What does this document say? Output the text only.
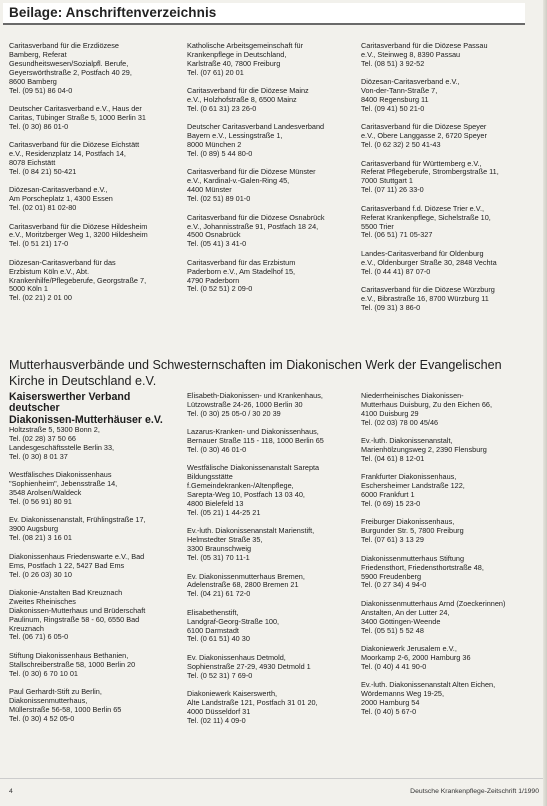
Beilage: Anschriftenverzeichnis
Caritasverband für die Erzdiözese
Bamberg, Referat
Gesundheitswesen/Sozialpfl. Berufe,
Geyerswörthstraße 2, Postfach 40 29,
8600 Bamberg
Tel. (09 51) 86 04-0
Deutscher Caritasverband e.V., Haus der
Caritas, Tübinger Straße 5, 1000 Berlin 31
Tel. (0 30) 86 01-0
Caritasverband für die Diözese Eichstätt
e.V., Residenzplatz 14, Postfach 14,
8078 Eichstätt
Tel. (0 84 21) 50-421
Diözesan-Caritasverband e.V.,
Am Porscheplatz 1, 4300 Essen
Tel. (02 01) 81 02-80
Caritasverband für die Diözese Hildesheim
e.V., Moritzberger Weg 1, 3200 Hildesheim
Tel. (0 51 21) 17-0
Diözesan-Caritasverband für das
Erzbistum Köln e.V., Abt.
Krankenhilfe/Pflegeberufe, Georgstraße 7,
5000 Köln 1
Tel. (02 21) 2 01 00
Katholische Arbeitsgemeinschaft für
Krankenpflege in Deutschland,
Karlstraße 40, 7800 Freiburg
Tel. (07 61) 20 01
Caritasverband für die Diözese Mainz
e.V., Holzhofstraße 8, 6500 Mainz
Tel. (0 61 31) 23 26-0
Deutscher Caritasverband Landesverband
Bayern e.V., Lessingstraße 1,
8000 München 2
Tel. (0 89) 5 44 80-0
Caritasverband für die Diözese Münster
e.V., Kardinal-v.-Galen-Ring 45,
4400 Münster
Tel. (02 51) 89 01-0
Caritasverband für die Diözese Osnabrück
e.V., Johannisstraße 91, Postfach 18 24,
4500 Osnabrück
Tel. (05 41) 3 41-0
Caritasverband für das Erzbistum
Paderborn e.V., Am Stadelhof 15,
4790 Paderborn
Tel. (0 52 51) 2 09-0
Caritasverband für die Diözese Passau
e.V., Steinweg 8, 8390 Passau
Tel. (08 51) 3 92-52
Diözesan-Caritasverband e.V.,
Von-der-Tann-Straße 7,
8400 Regensburg 11
Tel. (09 41) 50 21-0
Caritasverband für die Diözese Speyer
e.V., Obere Langgasse 2, 6720 Speyer
Tel. (0 62 32) 2 50 41-43
Caritasverband für Württemberg e.V.,
Referat Pflegeberufe, Strombergstraße 11,
7000 Stuttgart 1
Tel. (07 11) 26 33-0
Caritasverband f.d. Diözese Trier e.V.,
Referat Krankenpflege, Sichelstraße 10,
5500 Trier
Tel. (06 51) 71 05-327
Landes-Caritasverband für Oldenburg
e.V., Oldenburger Straße 30, 2848 Vechta
Tel. (0 44 41) 87 07-0
Caritasverband für die Diözese Würzburg
e.V., Bibrastraße 16, 8700 Würzburg 11
Tel. (09 31) 3 86-0
Mutterhausverbände und Schwesternschaften im Diakonischen Werk der Evangelischen
Kirche in Deutschland e.V.
Kaiserswerther Verband
deutscher
Diakonissen-Mutterhäuser e.V.
Holtzstraße 5, 5300 Bonn 2,
Tel. (02 28) 37 50 66
Landesgeschäftsstelle Berlin 33,
Tel. (0 30) 8 01 37
Westfälisches Diakonissenhaus
"Sophienheim", Jebensstraße 14,
3548 Arolsen/Waldeck
Tel. (0 56 91) 80 91
Ev. Diakonissenanstalt, Frühlingstraße 17,
3900 Augsburg
Tel. (08 21) 3 16 01
Diakonissenhaus Friedenswarte e.V., Bad
Ems, Postfach 1 22, 5427 Bad Ems
Tel. (0 26 03) 30 10
Diakonie-Anstalten Bad Kreuznach
Zweites Rheinisches
Diakonissen-Mutterhaus und Brüderschaft
Paulinum, Ringstraße 58 - 60, 6550 Bad
Kreuznach
Tel. (06 71) 6 05-0
Stiftung Diakonissenhaus Bethanien,
Stallschreiberstraße 58, 1000 Berlin 20
Tel. (0 30) 6 70 10 01
Paul Gerhardt-Stift zu Berlin,
Diakonissenmutterhaus,
Müllerstraße 56-58, 1000 Berlin 65
Tel. (0 30) 4 52 05-0
Elisabeth-Diakonissen- und Krankenhaus,
Lützowstraße 24-26, 1000 Berlin 30
Tel. (0 30) 25 05-0 / 30 20 39
Lazarus-Kranken- und Diakonissenhaus,
Bernauer Straße 115 - 118, 1000 Berlin 65
Tel. (0 30) 46 01-0
Westfälische Diakonissenanstalt Sarepta
Bildungsstätte
f.Gemeindekranken-/Altenpflege,
Sarepta-Weg 10, Postfach 13 03 40,
4800 Bielefeld 13
Tel. (05 21) 1 44-25 21
Ev.-luth. Diakonissenanstalt Marienstift,
Helmstedter Straße 35,
3300 Braunschweig
Tel. (05 31) 70 11-1
Ev. Diakonissenmutterhaus Bremen,
Adelenstraße 68, 2800 Bremen 21
Tel. (04 21) 61 72-0
Elisabethenstift,
Landgraf-Georg-Straße 100,
6100 Darmstadt
Tel. (0 61 51) 40 30
Ev. Diakonissenhaus Detmold,
Sophienstraße 27-29, 4930 Detmold 1
Tel. (0 52 31) 7 69-0
Diakoniewerk Kaiserswerth,
Alte Landstraße 121, Postfach 31 01 20,
4000 Düsseldorf 31
Tel. (02 11) 4 09-0
Niederrheinisches Diakonissen-
Mutterhaus Duisburg, Zu den Eichen 66,
4100 Duisburg 29
Tel. (02 03) 78 00 45/46
Ev.-luth. Diakonissenanstalt,
Marienhölzungsweg 2, 2390 Flensburg
Tel. (04 61) 8 12-01
Frankfurter Diakonissenhaus,
Eschersheimer Landstraße 122,
6000 Frankfurt 1
Tel. (0 69) 15 23-0
Freiburger Diakonissenhaus,
Burgunder Str. 5, 7800 Freiburg
Tel. (07 61) 3 13 29
Diakonissenmutterhaus Stiftung
Friedensthort, Friedensthortstraße 48,
5900 Freudenberg
Tel. (0 27 34) 4 94-0
Diakonissenmutterhaus Arnd (Zoeckerinnen)
Anstalten, An der Lutter 24,
3400 Göttingen-Weende
Tel. (05 51) 5 52 48
Diakoniewerk Jerusalem e.V.,
Moorkamp 2-6, 2000 Hamburg 36
Tel. (0 40) 4 41 90-0
Ev.-luth. Diakonissenanstalt Alten Eichen,
Wördemanns Weg 19-25,
2000 Hamburg 54
Tel. (0 40) 5 67-0
4	Deutsche Krankenpflege-Zeitschrift 1/1990
